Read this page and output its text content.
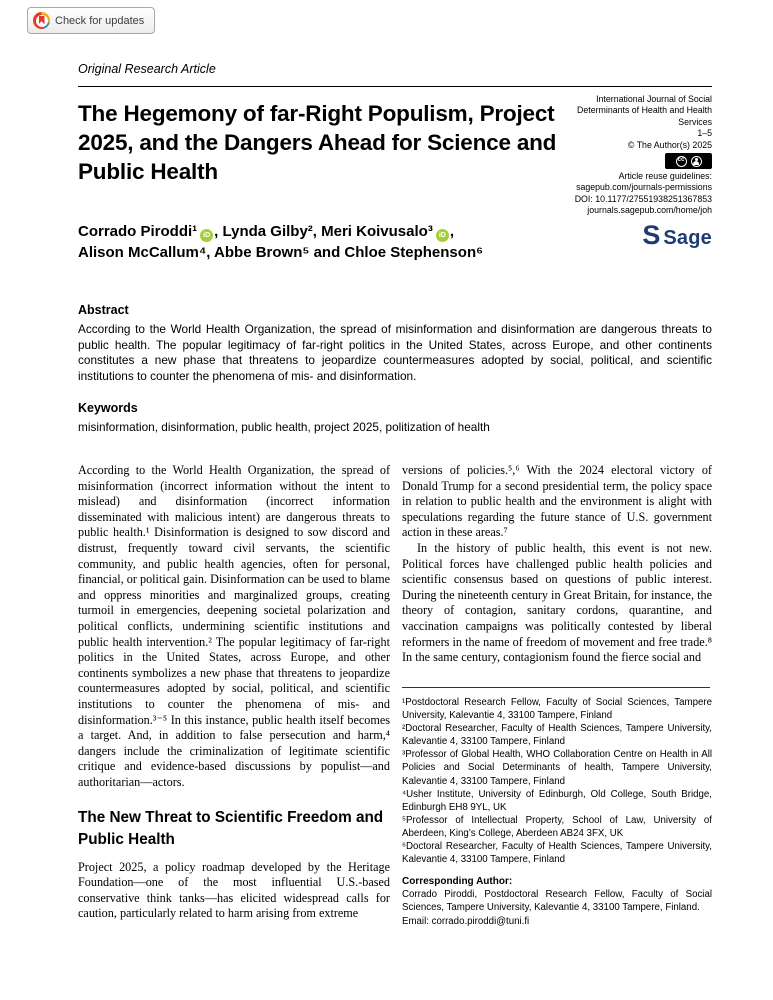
Check for updates
Original Research Article
The Hegemony of far-Right Populism, Project 2025, and the Dangers Ahead for Science and Public Health
International Journal of Social
Determinants of Health and Health
Services
1–5
© The Author(s) 2025
cc
Article reuse guidelines:
sagepub.com/journals-permissions
DOI: 10.1177/27551938251367853
journals.sagepub.com/home/joh
S Sage
Corrado Piroddi¹ iD , Lynda Gilby², Meri Koivusalo³ iD ,
Alison McCallum⁴, Abbe Brown⁵ and Chloe Stephenson⁶
Abstract
According to the World Health Organization, the spread of misinformation and disinformation are dangerous threats to public health. The popular legitimacy of far-right politics in the United States, across Europe, and other continents constitutes a new phase that threatens to jeopardize countermeasures adopted by social, political, and scientific institutions to counter the phenomena of mis- and disinformation.
Keywords
misinformation, disinformation, public health, project 2025, politization of health
According to the World Health Organization, the spread of misinformation (incorrect information without the intent to mislead) and disinformation (incorrect information disseminated with malicious intent) are dangerous threats to public health.¹ Disinformation is designed to sow discord and distrust, frequently toward civil servants, the scientific community, and public health agencies, often for personal, financial, or political gain. Disinformation can be used to blame and oppress minorities and marginalized groups, creating turmoil in emergencies, deepening societal polarization and political conflicts, undermining scientific institutions and public health intervention.² The popular legitimacy of far-right politics in the United States, across Europe, and other continents symbolizes a new phase that threatens to jeopardize countermeasures adopted by social, political, and scientific institutions to counter the phenomena of mis- and disinformation.³⁻⁵ In this instance, public health itself becomes a target. And, in addition to false persecution and harm,⁴ dangers include the criminalization of legitimate scientific critique and evidence-based discussions by populist—and authoritarian—actors.
The New Threat to Scientific Freedom and Public Health
Project 2025, a policy roadmap developed by the Heritage Foundation—one of the most influential U.S.-based conservative think tanks—has elicited widespread calls for caution, particularly related to harm arising from extreme
versions of policies.⁵,⁶ With the 2024 electoral victory of Donald Trump for a second presidential term, the policy space in relation to public health and the environment is alight with speculations regarding the future stance of U.S. government action in these areas.⁷
In the history of public health, this event is not new. Political forces have challenged public health policies and scientific consensus based on questions of public interest. During the nineteenth century in Great Britain, for instance, the theory of contagion, sanitary cordons, quarantine, and vaccination campaigns was politically contested by liberal reformers in the name of freedom of movement and free trade.⁸ In the same century, contagionism found the fierce social and
¹Postdoctoral Research Fellow, Faculty of Social Sciences, Tampere University, Kalevantie 4, 33100 Tampere, Finland
²Doctoral Researcher, Faculty of Health Sciences, Tampere University, Kalevantie 4, 33100 Tampere, Finland
³Professor of Global Health, WHO Collaboration Centre on Health in All Policies and Social Determinants of health, Tampere University, Kalevantie 4, 33100 Tampere, Finland
⁴Usher Institute, University of Edinburgh, Old College, South Bridge, Edinburgh EH8 9YL, UK
⁵Professor of Intellectual Property, School of Law, University of Aberdeen, King’s College, Aberdeen AB24 3FX, UK
⁶Doctoral Researcher, Faculty of Health Sciences, Tampere University, Kalevantie 4, 33100 Tampere, Finland
Corresponding Author:
Corrado Piroddi, Postdoctoral Research Fellow, Faculty of Social Sciences, Tampere University, Kalevantie 4, 33100 Tampere, Finland.
Email: corrado.piroddi@tuni.fi
